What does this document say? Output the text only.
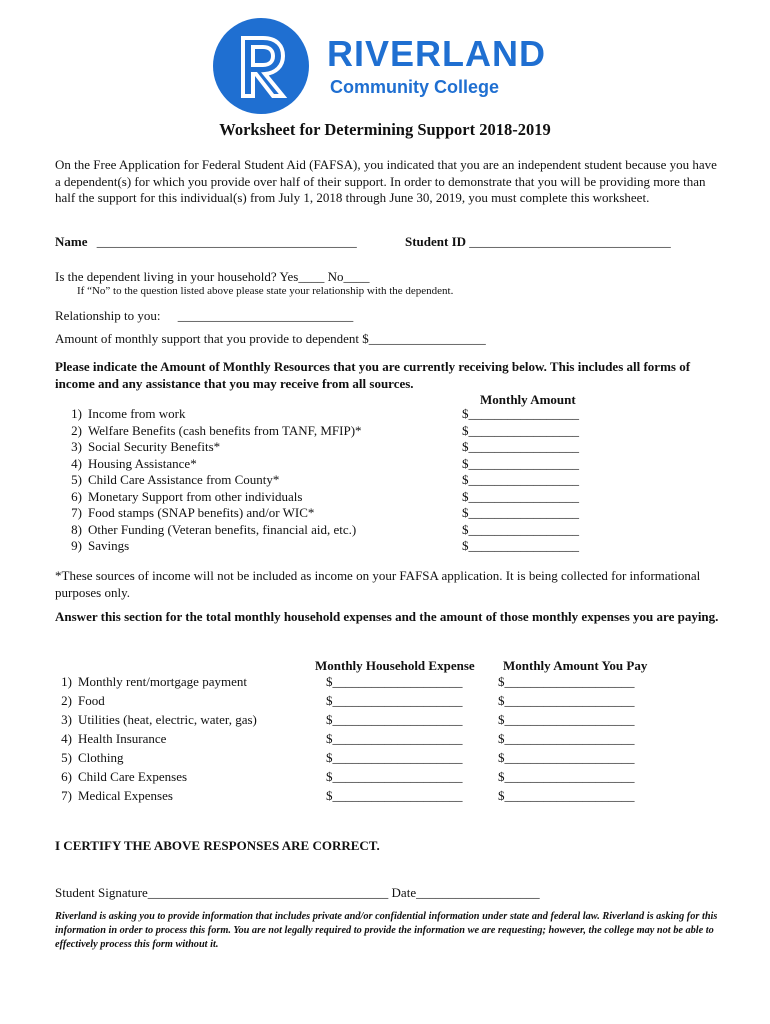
RIVERLAND
Community College
Worksheet for Determining Support 2018-2019
On the Free Application for Federal Student Aid (FAFSA), you indicated that you are an independent student because you have a dependent(s) for which you provide over half of their support. In order to demonstrate that you will be providing more than half the support for this individual(s) from July 1, 2018 through June 30, 2019, you must complete this worksheet.
Name ________________________________________	Student ID _______________________________
Is the dependent living in your household? Yes____ No____
If “No” to the question listed above please state your relationship with the dependent.
Relationship to you: ___________________________
Amount of monthly support that you provide to dependent $__________________
Please indicate the Amount of Monthly Resources that you are currently receiving below. This includes all forms of income and any assistance that you may receive from all sources.
Monthly Amount
1) Income from work
2) Welfare Benefits (cash benefits from TANF, MFIP)*
3) Social Security Benefits*
4) Housing Assistance*
5) Child Care Assistance from County*
6) Monetary Support from other individuals
7) Food stamps (SNAP benefits) and/or WIC*
8) Other Funding (Veteran benefits, financial aid, etc.)
9) Savings
$_________________
$_________________
$_________________
$_________________
$_________________
$_________________
$_________________
$_________________
$_________________
*These sources of income will not be included as income on your FAFSA application. It is being collected for informational purposes only.
Answer this section for the total monthly household expenses and the amount of those monthly expenses you are paying.
Monthly Household Expense Monthly Amount You Pay
1) Monthly rent/mortgage payment
2) Food
3) Utilities (heat, electric, water, gas)
4) Health Insurance
5) Clothing
6) Child Care Expenses
7) Medical Expenses
$____________________
$____________________
$____________________
$____________________
$____________________
$____________________
$____________________
$____________________
$____________________
$____________________
$____________________
$____________________
$____________________
$____________________
I CERTIFY THE ABOVE RESPONSES ARE CORRECT.
Student Signature_____________________________________ Date___________________
Riverland is asking you to provide information that includes private and/or confidential information under state and federal law. Riverland is asking for this information in order to process this form. You are not legally required to provide the information we are requesting; however, the college may not be able to effectively process this form without it.
